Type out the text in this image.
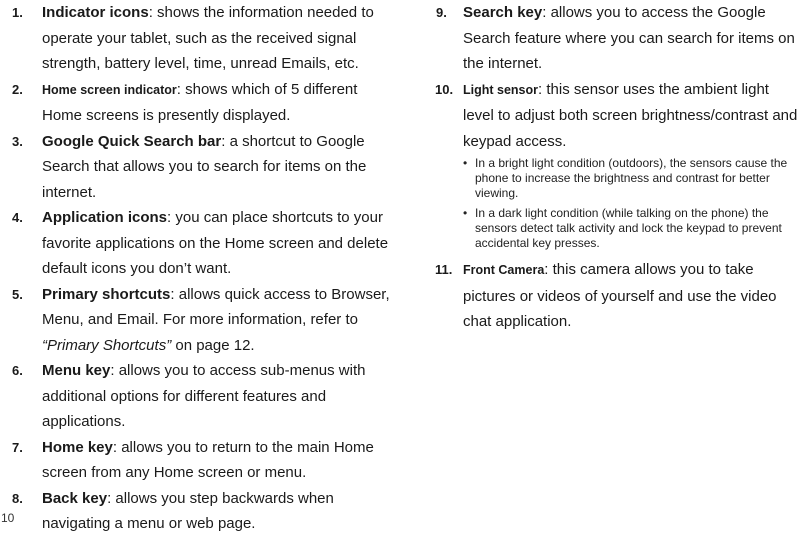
1. Indicator icons: shows the information needed to operate your tablet, such as the received signal strength, battery level, time, unread Emails, etc.
2. Home screen indicator: shows which of 5 different Home screens is presently displayed.
3. Google Quick Search bar: a shortcut to Google Search that allows you to search for items on the internet.
4. Application icons: you can place shortcuts to your favorite applications on the Home screen and delete default icons you don’t want.
5. Primary shortcuts: allows quick access to Browser, Menu, and Email. For more information, refer to “Primary Shortcuts” on page 12.
6. Menu key: allows you to access sub-menus with additional options for different features and applications.
7. Home key: allows you to return to the main Home screen from any Home screen or menu.
8. Back key: allows you step backwards when navigating a menu or web page.
9. Search key: allows you to access the Google Search feature where you can search for items on the internet.
10. Light sensor: this sensor uses the ambient light level to adjust both screen brightness/contrast and keypad access.
• In a bright light condition (outdoors), the sensors cause the phone to increase the brightness and contrast for better viewing.
• In a dark light condition (while talking on the phone) the sensors detect talk activity and lock the keypad to prevent accidental key presses.
11. Front Camera: this camera allows you to take pictures or videos of yourself and use the video chat application.
10
